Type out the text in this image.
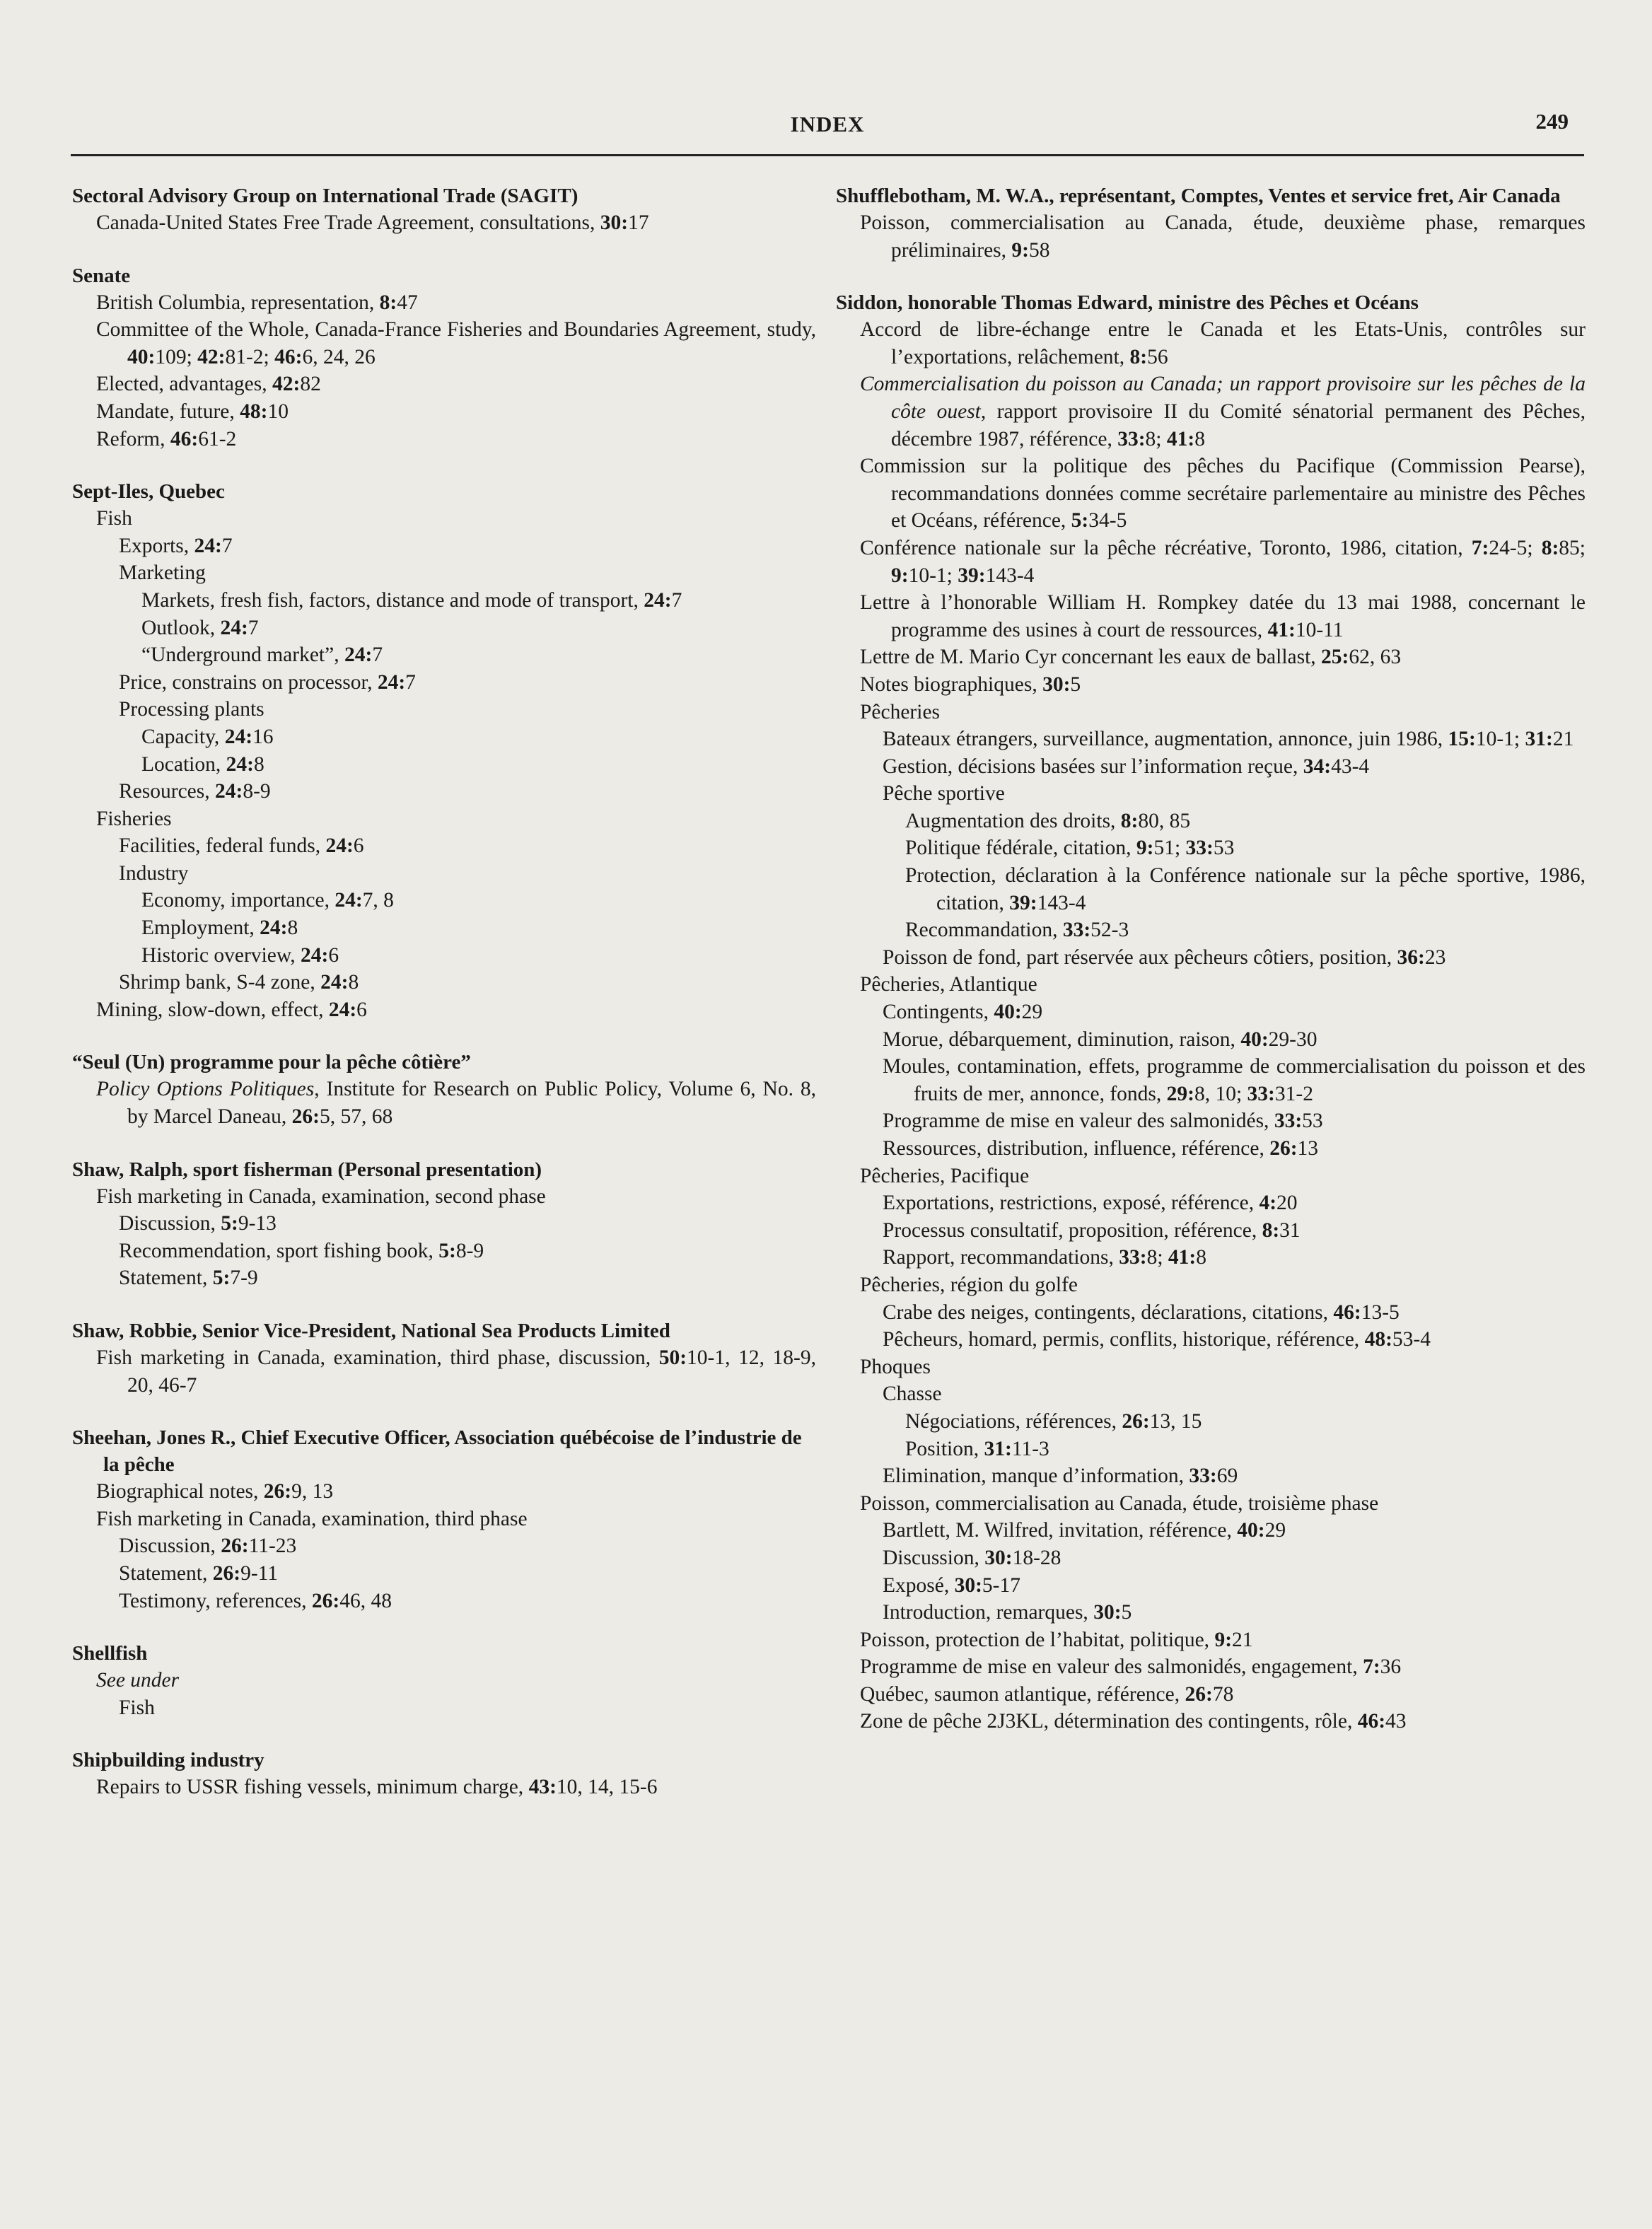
INDEX	249
Sectoral Advisory Group on International Trade (SAGIT)
Canada-United States Free Trade Agreement, consultations, 30:17
Senate
British Columbia, representation, 8:47
Committee of the Whole, Canada-France Fisheries and Boundaries Agreement, study, 40:109; 42:81-2; 46:6, 24, 26
Elected, advantages, 42:82
Mandate, future, 48:10
Reform, 46:61-2
Sept-Iles, Quebec
Fish
Exports, 24:7
Marketing
Markets, fresh fish, factors, distance and mode of transport, 24:7
Outlook, 24:7
“Underground market”, 24:7
Price, constrains on processor, 24:7
Processing plants
Capacity, 24:16
Location, 24:8
Resources, 24:8-9
Fisheries
Facilities, federal funds, 24:6
Industry
Economy, importance, 24:7, 8
Employment, 24:8
Historic overview, 24:6
Shrimp bank, S-4 zone, 24:8
Mining, slow-down, effect, 24:6
“Seul (Un) programme pour la pêche côtière”
Policy Options Politiques, Institute for Research on Public Policy, Volume 6, No. 8, by Marcel Daneau, 26:5, 57, 68
Shaw, Ralph, sport fisherman (Personal presentation)
Fish marketing in Canada, examination, second phase
Discussion, 5:9-13
Recommendation, sport fishing book, 5:8-9
Statement, 5:7-9
Shaw, Robbie, Senior Vice-President, National Sea Products Limited
Fish marketing in Canada, examination, third phase, discussion, 50:10-1, 12, 18-9, 20, 46-7
Sheehan, Jones R., Chief Executive Officer, Association québécoise de l’industrie de la pêche
Biographical notes, 26:9, 13
Fish marketing in Canada, examination, third phase
Discussion, 26:11-23
Statement, 26:9-11
Testimony, references, 26:46, 48
Shellfish
See under
Fish
Shipbuilding industry
Repairs to USSR fishing vessels, minimum charge, 43:10, 14, 15-6
Shufflebotham, M. W.A., représentant, Comptes, Ventes et service fret, Air Canada
Poisson, commercialisation au Canada, étude, deuxième phase, remarques préliminaires, 9:58
Siddon, honorable Thomas Edward, ministre des Pêches et Océans
Accord de libre-échange entre le Canada et les Etats-Unis, contrôles sur l’exportations, relâchement, 8:56
Commercialisation du poisson au Canada; un rapport provisoire sur les pêches de la côte ouest, rapport provisoire II du Comité sénatorial permanent des Pêches, décembre 1987, référence, 33:8; 41:8
Commission sur la politique des pêches du Pacifique (Commission Pearse), recommandations données comme secrétaire parlementaire au ministre des Pêches et Océans, référence, 5:34-5
Conférence nationale sur la pêche récréative, Toronto, 1986, citation, 7:24-5; 8:85; 9:10-1; 39:143-4
Lettre à l’honorable William H. Rompkey datée du 13 mai 1988, concernant le programme des usines à court de ressources, 41:10-11
Lettre de M. Mario Cyr concernant les eaux de ballast, 25:62, 63
Notes biographiques, 30:5
Pêcheries
Bateaux étrangers, surveillance, augmentation, annonce, juin 1986, 15:10-1; 31:21
Gestion, décisions basées sur l’information reçue, 34:43-4
Pêche sportive
Augmentation des droits, 8:80, 85
Politique fédérale, citation, 9:51; 33:53
Protection, déclaration à la Conférence nationale sur la pêche sportive, 1986, citation, 39:143-4
Recommandation, 33:52-3
Poisson de fond, part réservée aux pêcheurs côtiers, position, 36:23
Pêcheries, Atlantique
Contingents, 40:29
Morue, débarquement, diminution, raison, 40:29-30
Moules, contamination, effets, programme de commercialisation du poisson et des fruits de mer, annonce, fonds, 29:8, 10; 33:31-2
Programme de mise en valeur des salmonidés, 33:53
Ressources, distribution, influence, référence, 26:13
Pêcheries, Pacifique
Exportations, restrictions, exposé, référence, 4:20
Processus consultatif, proposition, référence, 8:31
Rapport, recommandations, 33:8; 41:8
Pêcheries, région du golfe
Crabe des neiges, contingents, déclarations, citations, 46:13-5
Pêcheurs, homard, permis, conflits, historique, référence, 48:53-4
Phoques
Chasse
Négociations, références, 26:13, 15
Position, 31:11-3
Elimination, manque d’information, 33:69
Poisson, commercialisation au Canada, étude, troisième phase
Bartlett, M. Wilfred, invitation, référence, 40:29
Discussion, 30:18-28
Exposé, 30:5-17
Introduction, remarques, 30:5
Poisson, protection de l’habitat, politique, 9:21
Programme de mise en valeur des salmonidés, engagement, 7:36
Québec, saumon atlantique, référence, 26:78
Zone de pêche 2J3KL, détermination des contingents, rôle, 46:43
